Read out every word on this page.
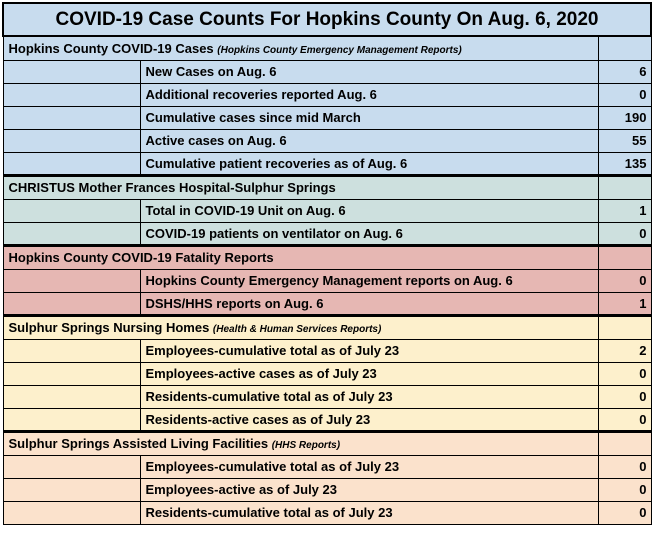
COVID-19 Case Counts For Hopkins County On Aug. 6, 2020		
Hopkins County COVID-19 Cases (Hopkins County Emergency Management Reports)		
	New Cases on Aug. 6	6
	Additional recoveries reported Aug. 6	0
	Cumulative cases since mid March	190
	Active cases on Aug. 6	55
	Cumulative patient recoveries as of Aug. 6	135
CHRISTUS Mother Frances Hospital-Sulphur Springs		
	Total in COVID-19 Unit on Aug. 6	1
	COVID-19 patients on ventilator on Aug. 6	0
Hopkins County COVID-19 Fatality Reports		
	Hopkins County Emergency Management reports on Aug. 6	0
	DSHS/HHS reports on Aug. 6	1
Sulphur Springs Nursing Homes (Health & Human Services Reports)		
	Employees-cumulative total as of July 23	2
	Employees-active cases as of July 23	0
	Residents-cumulative total as of July 23	0
	Residents-active cases as of July 23	0
Sulphur Springs Assisted Living Facilities (HHS Reports)		
	Employees-cumulative total as of July 23	0
	Employees-active as of July 23	0
	Residents-cumulative total as of July 23	0
